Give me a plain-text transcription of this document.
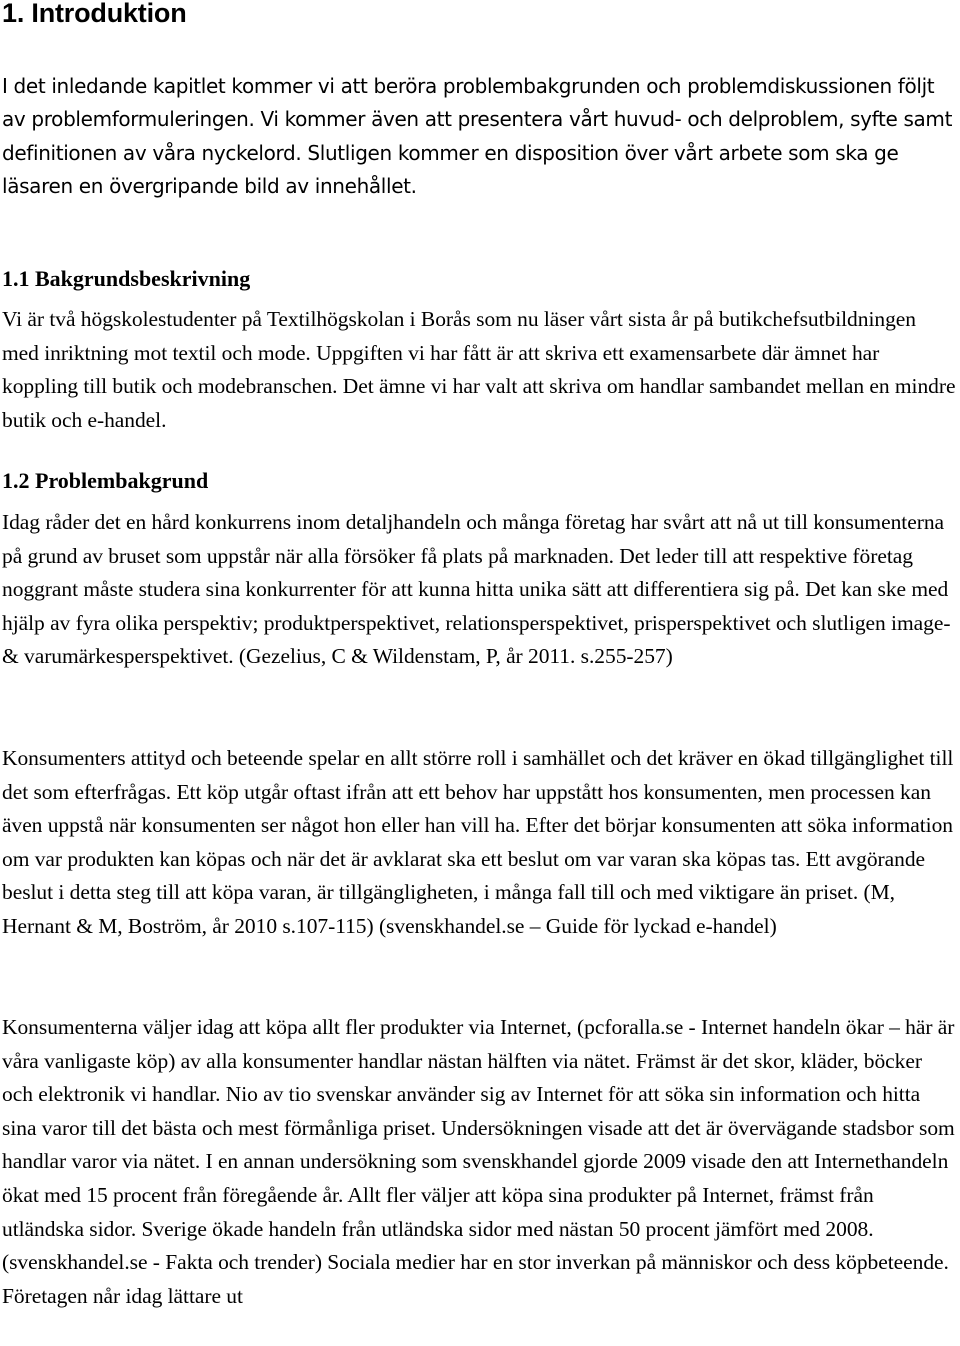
1. Introduktion

I det inledande kapitlet kommer vi att beröra problembakgrunden och problemdiskussionen följt av problemformuleringen. Vi kommer även att presentera vårt huvud- och delproblem, syfte samt definitionen av våra nyckelord. Slutligen kommer en disposition över vårt arbete som ska ge läsaren en övergripande bild av innehållet.

1.1 Bakgrundsbeskrivning

Vi är två högskolestudenter på Textilhögskolan i Borås som nu läser vårt sista år på butikchefsutbildningen med inriktning mot textil och mode. Uppgiften vi har fått är att skriva ett examensarbete där ämnet har koppling till butik och modebranschen. Det ämne vi har valt att skriva om handlar sambandet mellan en mindre butik och e-handel.

1.2 Problembakgrund

Idag råder det en hård konkurrens inom detaljhandeln och många företag har svårt att nå ut till konsumenterna på grund av bruset som uppstår när alla försöker få plats på marknaden. Det leder till att respektive företag noggrant måste studera sina konkurrenter för att kunna hitta unika sätt att differentiera sig på. Det kan ske med hjälp av fyra olika perspektiv; produktperspektivet, relationsperspektivet, prisperspektivet och slutligen image- & varumärkesperspektivet. (Gezelius, C & Wildenstam, P, år 2011. s.255-257)

Konsumenters attityd och beteende spelar en allt större roll i samhället och det kräver en ökad tillgänglighet till det som efterfrågas. Ett köp utgår oftast ifrån att ett behov har uppstått hos konsumenten, men processen kan även uppstå när konsumenten ser något hon eller han vill ha. Efter det börjar konsumenten att söka information om var produkten kan köpas och när det är avklarat ska ett beslut om var varan ska köpas tas. Ett avgörande beslut i detta steg till att köpa varan, är tillgängligheten, i många fall till och med viktigare än priset. (M, Hernant & M, Boström, år 2010 s.107-115) (svenskhandel.se – Guide för lyckad e-handel)

Konsumenterna väljer idag att köpa allt fler produkter via Internet, (pcforalla.se - Internet handeln ökar – här är våra vanligaste köp) av alla konsumenter handlar nästan hälften via nätet. Främst är det skor, kläder, böcker och elektronik vi handlar. Nio av tio svenskar använder sig av Internet för att söka sin information och hitta sina varor till det bästa och mest förmånliga priset. Undersökningen visade att det är övervägande stadsbor som handlar varor via nätet. I en annan undersökning som svenskhandel gjorde 2009 visade den att Internethandeln ökat med 15 procent från föregående år. Allt fler väljer att köpa sina produkter på Internet, främst från utländska sidor. Sverige ökade handeln från utländska sidor med nästan 50 procent jämfört med 2008. (svenskhandel.se - Fakta och trender) Sociala medier har en stor inverkan på människor och dess köpbeteende. Företagen når idag lättare ut
